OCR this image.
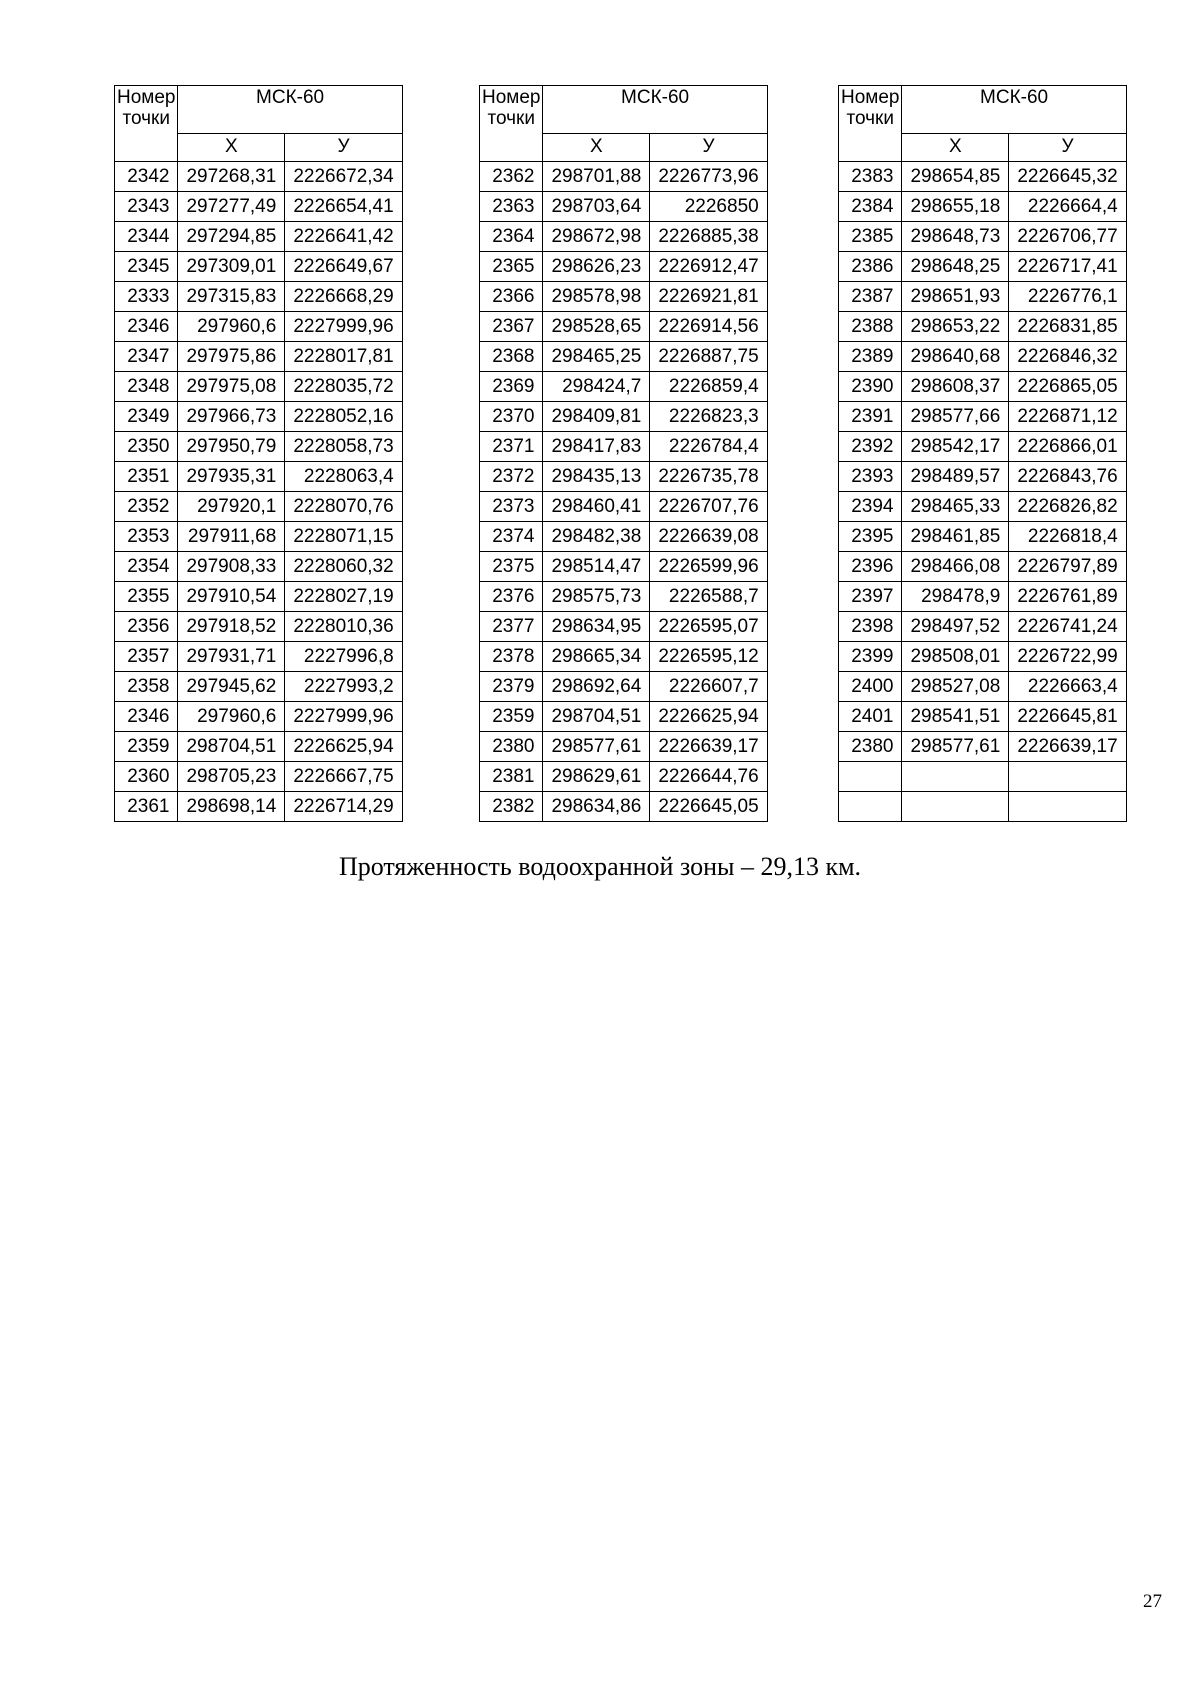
Номер точки	МСК-60	
	Х	У
2342	297268,31	2226672,34
2343	297277,49	2226654,41
2344	297294,85	2226641,42
2345	297309,01	2226649,67
2333	297315,83	2226668,29
2346	297960,6	2227999,96
2347	297975,86	2228017,81
2348	297975,08	2228035,72
2349	297966,73	2228052,16
2350	297950,79	2228058,73
2351	297935,31	2228063,4
2352	297920,1	2228070,76
2353	297911,68	2228071,15
2354	297908,33	2228060,32
2355	297910,54	2228027,19
2356	297918,52	2228010,36
2357	297931,71	2227996,8
2358	297945,62	2227993,2
2346	297960,6	2227999,96
2359	298704,51	2226625,94
2360	298705,23	2226667,75
2361	298698,14	2226714,29
Номер точки	МСК-60	
	Х	У
2362	298701,88	2226773,96
2363	298703,64	2226850
2364	298672,98	2226885,38
2365	298626,23	2226912,47
2366	298578,98	2226921,81
2367	298528,65	2226914,56
2368	298465,25	2226887,75
2369	298424,7	2226859,4
2370	298409,81	2226823,3
2371	298417,83	2226784,4
2372	298435,13	2226735,78
2373	298460,41	2226707,76
2374	298482,38	2226639,08
2375	298514,47	2226599,96
2376	298575,73	2226588,7
2377	298634,95	2226595,07
2378	298665,34	2226595,12
2379	298692,64	2226607,7
2359	298704,51	2226625,94
2380	298577,61	2226639,17
2381	298629,61	2226644,76
2382	298634,86	2226645,05
Номер точки	МСК-60	
	Х	У
2383	298654,85	2226645,32
2384	298655,18	2226664,4
2385	298648,73	2226706,77
2386	298648,25	2226717,41
2387	298651,93	2226776,1
2388	298653,22	2226831,85
2389	298640,68	2226846,32
2390	298608,37	2226865,05
2391	298577,66	2226871,12
2392	298542,17	2226866,01
2393	298489,57	2226843,76
2394	298465,33	2226826,82
2395	298461,85	2226818,4
2396	298466,08	2226797,89
2397	298478,9	2226761,89
2398	298497,52	2226741,24
2399	298508,01	2226722,99
2400	298527,08	2226663,4
2401	298541,51	2226645,81
2380	298577,61	2226639,17

Протяженность водоохранной зоны – 29,13 км.
27
